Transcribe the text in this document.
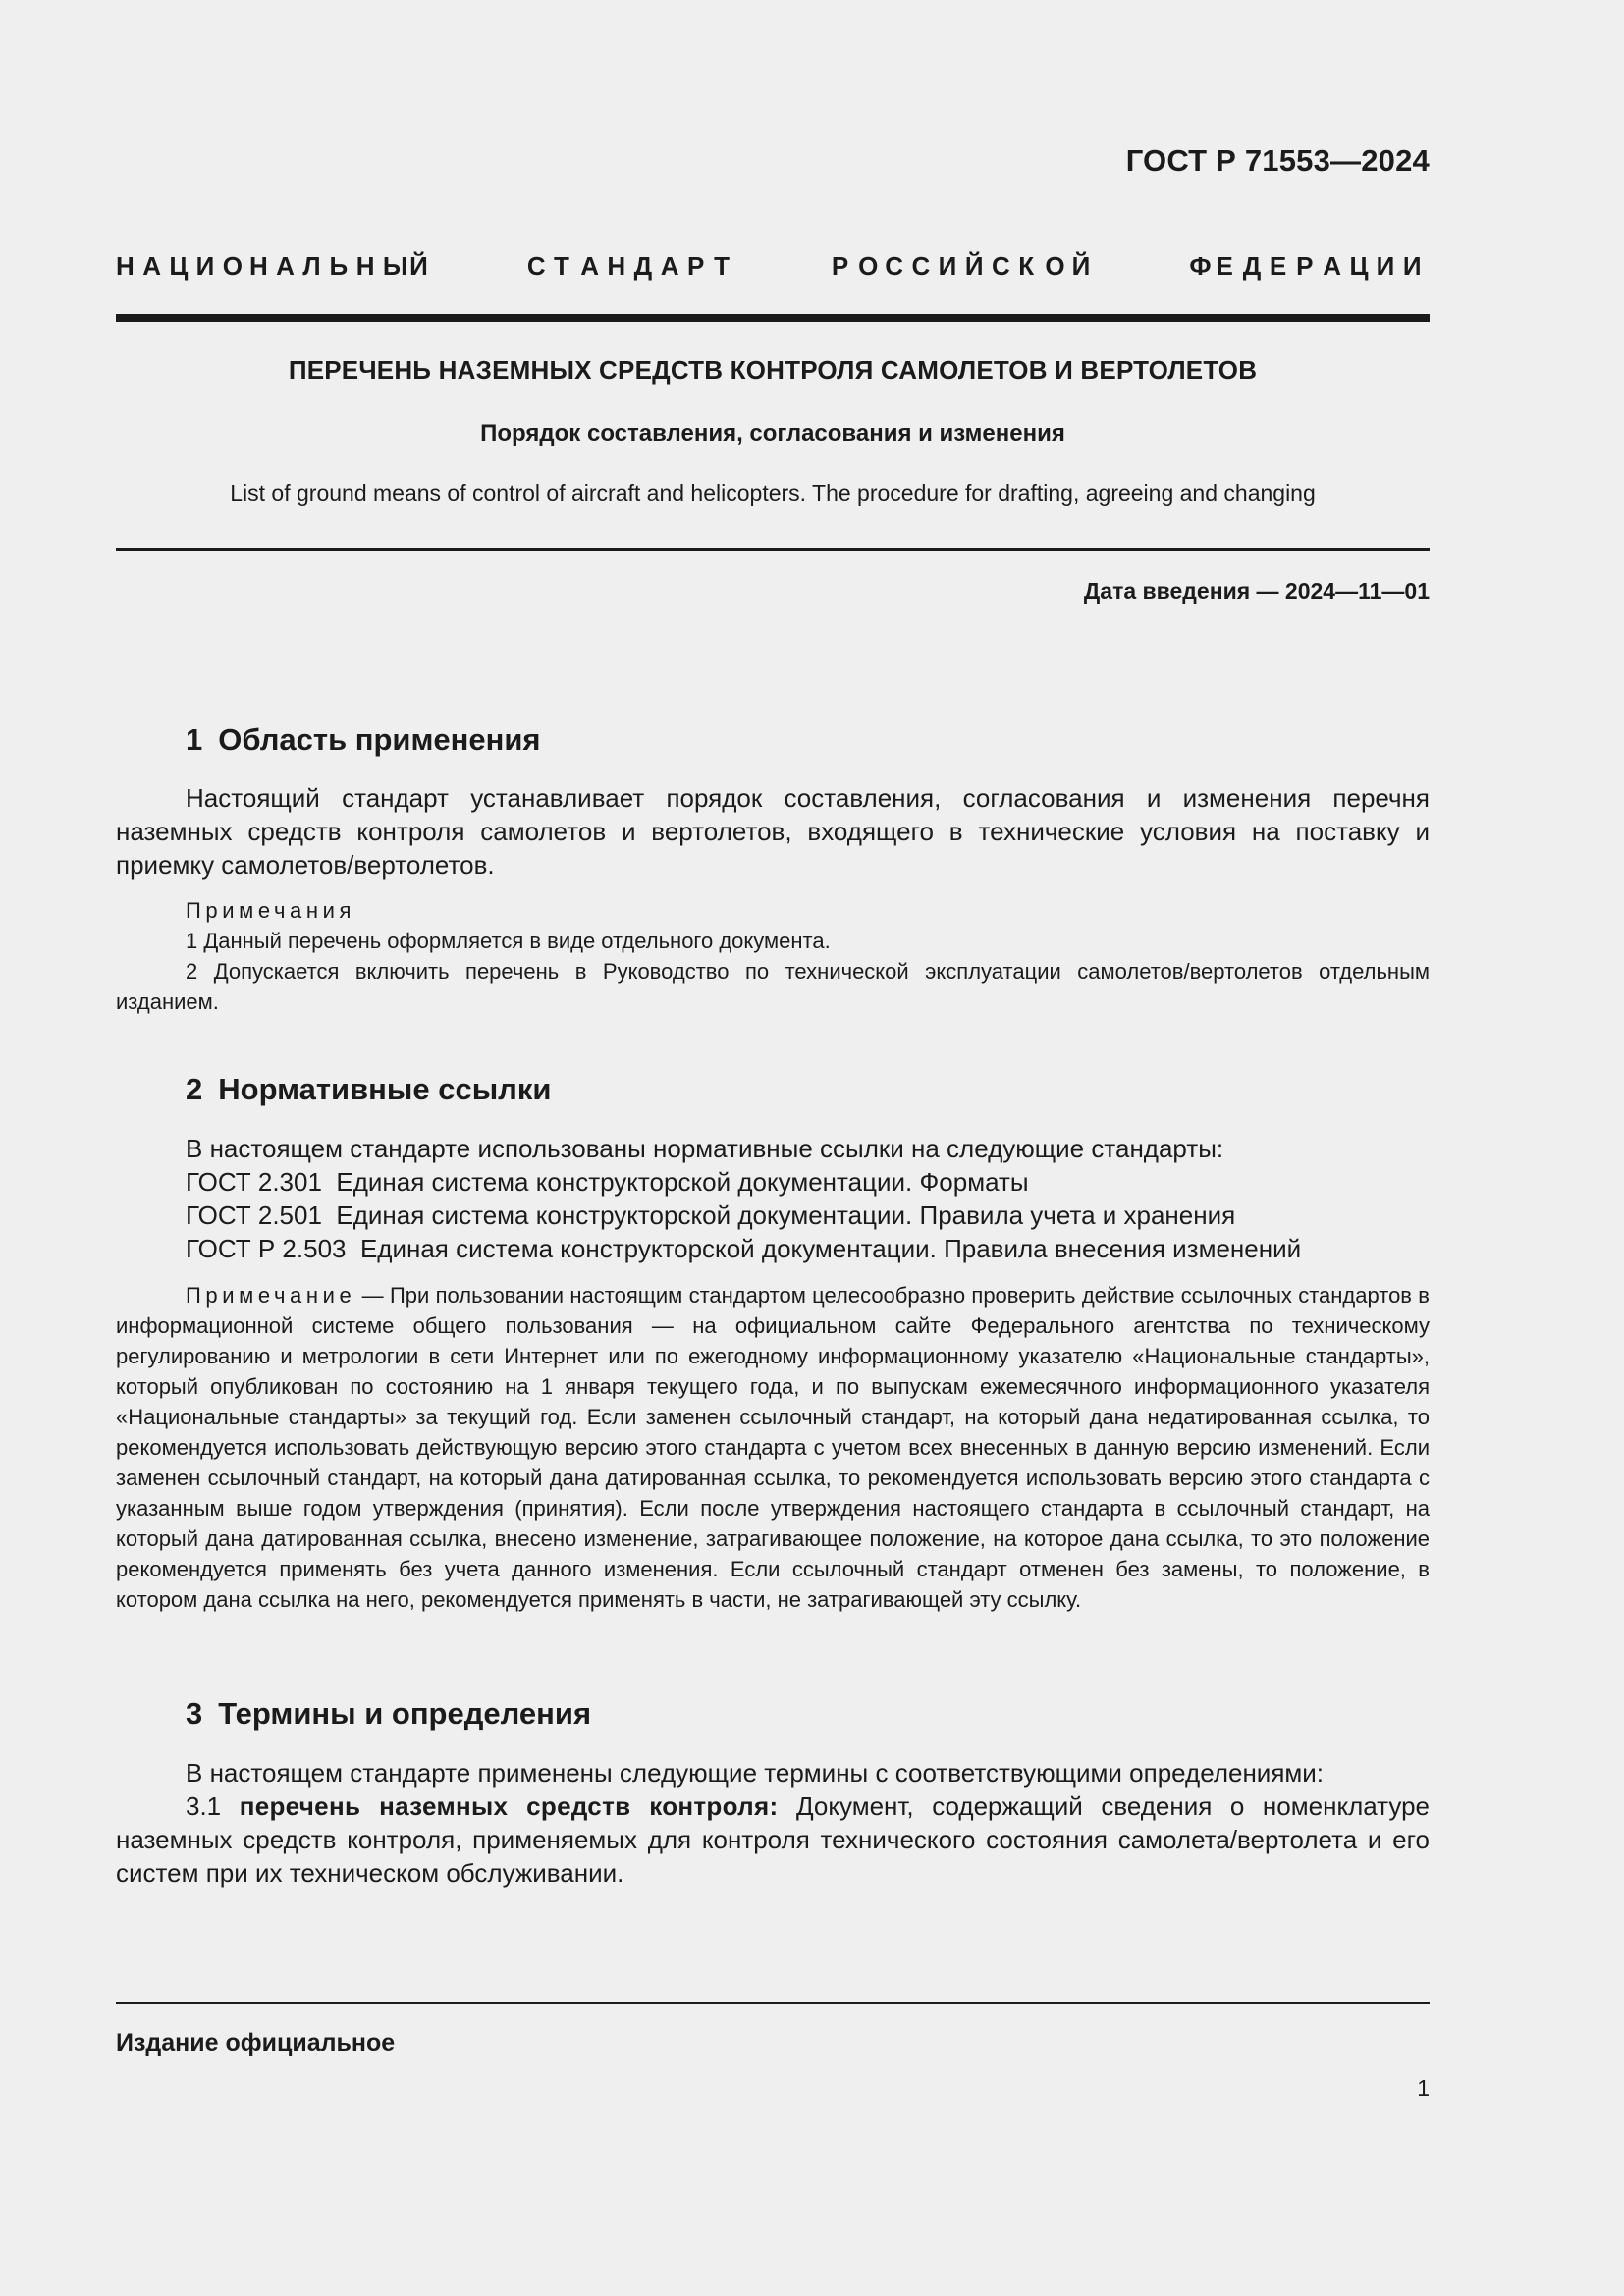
ГОСТ Р 71553—2024
Н А Ц И О Н А Л Ь Н Ы Й	С Т А Н Д А Р Т	Р О С С И Й С К О Й	Ф Е Д Е Р А Ц И И
ПЕРЕЧЕНЬ НАЗЕМНЫХ СРЕДСТВ КОНТРОЛЯ САМОЛЕТОВ И ВЕРТОЛЕТОВ
Порядок составления, согласования и изменения
List of ground means of control of aircraft and helicopters. The procedure for drafting, agreeing and changing
Дата введения — 2024—11—01
1 Область применения
Настоящий стандарт устанавливает порядок составления, согласования и изменения перечня наземных средств контроля самолетов и вертолетов, входящего в технические условия на поставку и приемку самолетов/вертолетов.
Примечания
1 Данный перечень оформляется в виде отдельного документа.
2 Допускается включить перечень в Руководство по технической эксплуатации самолетов/вертолетов отдельным изданием.
2 Нормативные ссылки
В настоящем стандарте использованы нормативные ссылки на следующие стандарты:
ГОСТ 2.301 Единая система конструкторской документации. Форматы
ГОСТ 2.501 Единая система конструкторской документации. Правила учета и хранения
ГОСТ Р 2.503 Единая система конструкторской документации. Правила внесения изменений
Примечание — При пользовании настоящим стандартом целесообразно проверить действие ссылочных стандартов в информационной системе общего пользования — на официальном сайте Федерального агентства по техническому регулированию и метрологии в сети Интернет или по ежегодному информационному указателю «Национальные стандарты», который опубликован по состоянию на 1 января текущего года, и по выпускам ежемесячного информационного указателя «Национальные стандарты» за текущий год. Если заменен ссылочный стандарт, на который дана недатированная ссылка, то рекомендуется использовать действующую версию этого стандарта с учетом всех внесенных в данную версию изменений. Если заменен ссылочный стандарт, на который дана датированная ссылка, то рекомендуется использовать версию этого стандарта с указанным выше годом утверждения (принятия). Если после утверждения настоящего стандарта в ссылочный стандарт, на который дана датированная ссылка, внесено изменение, затрагивающее положение, на которое дана ссылка, то это положение рекомендуется применять без учета данного изменения. Если ссылочный стандарт отменен без замены, то положение, в котором дана ссылка на него, рекомендуется применять в части, не затрагивающей эту ссылку.
3 Термины и определения
В настоящем стандарте применены следующие термины с соответствующими определениями:
3.1 перечень наземных средств контроля: Документ, содержащий сведения о номенклатуре наземных средств контроля, применяемых для контроля технического состояния самолета/вертолета и его систем при их техническом обслуживании.
Издание официальное
1
